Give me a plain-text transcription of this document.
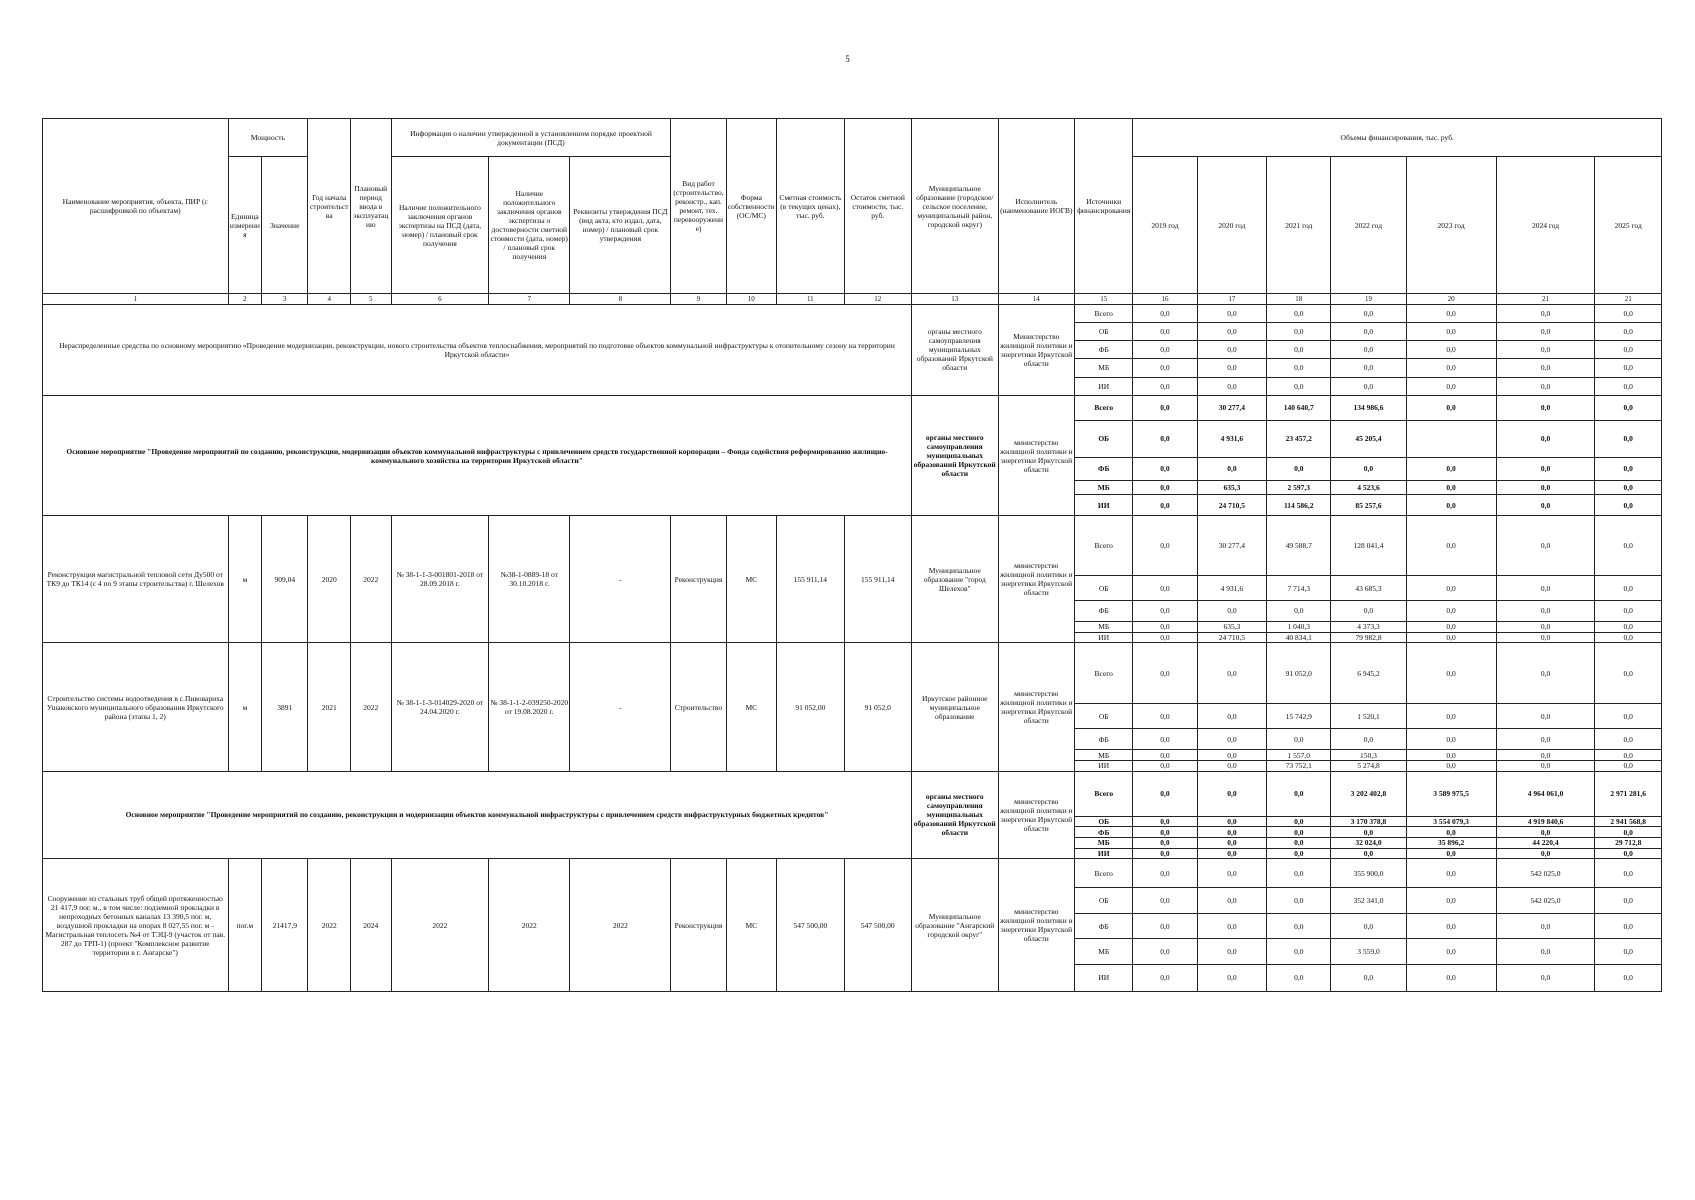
5
Наименование мероприятия, объекта, ПИР (с расшифровкой по объектам)	Мощность		Год начала строительства	Плановый период ввода в эксплуатацию	Информация о наличии утвержденной в установленном порядке проектной документации (ПСД)			Вид работ (строительство, реконстр., кап. ремонт, тех. перевооружение)	Форма собственности (ОС/МС)	Сметная стоимость (в текущих ценах), тыс. руб.	Остаток сметной стоимости, тыс. руб.	Муниципальное образование (городское/сельское поселение, муниципальный район, городской округ)	Исполнитель (наименование ИОГВ)	Источники финансирования	Объемы финансирования, тыс. руб.						
	Единица измерения	Значение			Наличие положительного заключения органов экспертизы на ПСД (дата, номер) / плановый срок получения	Наличие положительного заключения органов экспертизы о достоверности сметной стоимости (дата, номер) / плановый срок получения	Реквизиты утверждения ПСД (вид акта, кто издал, дата, номер) / плановый срок утверждения								2019 год	2020 год	2021 год	2022 год	2023 год	2024 год	2025 год
1	2	3	4	5	6	7	8	9	10	11	12	13	14	15	16	17	18	19	20	21	21
Нераспределенные средства по основному мероприятию «Проведение модернизации, реконструкции, нового строительства объектов теплоснабжения, мероприятий по подготовке объектов коммунальной инфраструктуры к отопительному сезону на территории Иркутской области»												органы местного самоуправления муниципальных образований Иркутской области	Министерство жилищной политики и энергетики Иркутской области	Всего	0,0	0,0	0,0	0,0	0,0	0,0	0,0
														ОБ	0,0	0,0	0,0	0,0	0,0	0,0	0,0
														ФБ	0,0	0,0	0,0	0,0	0,0	0,0	0,0
														МБ	0,0	0,0	0,0	0,0	0,0	0,0	0,0
														ИИ	0,0	0,0	0,0	0,0	0,0	0,0	0,0
Основное мероприятие "Проведение мероприятий по созданию, реконструкции, модернизации объектов коммунальной инфраструктуры с привлечением средств государственной корпорации – Фонда содействия реформированию жилищно-коммунального хозяйства на территории Иркутской области"												органы местного самоуправления муниципальных образований Иркутской области	министерство жилищной политики и энергетики Иркутской области	Всего	0,0	30 277,4	140 640,7	134 986,6	0,0	0,0	0,0
														ОБ	0,0	4 931,6	23 457,2	45 205,4		0,0	0,0
														ФБ	0,0	0,0	0,0	0,0	0,0	0,0	0,0
														МБ	0,0	635,3	2 597,3	4 523,6	0,0	0,0	0,0
														ИИ	0,0	24 710,5	114 586,2	85 257,6	0,0	0,0	0,0
Реконструкция магистральной тепловой сети Ду500 от ТК9 до ТК14 (с 4 по 9 этапы строительства) г. Шелехов	м	909,04	2020	2022	№ 38-1-1-3-001801-2018 от 28.09.2018 г.	№38-1-0889-18 от 30.10.2018 г.	-	Реконструкция	МС	155 911,14	155 911,14	Муниципальное образование "город Шелехов"	министерство жилищной политики и энергетики Иркутской области	Всего	0,0	30 277,4	49 588,7	128 041,4	0,0	0,0	0,0
														ОБ	0,0	4 931,6	7 714,3	43 685,3	0,0	0,0	0,0
														ФБ	0,0	0,0	0,0	0,0	0,0	0,0	0,0
														МБ	0,0	635,3	1 040,3	4 373,3	0,0	0,0	0,0
														ИИ	0,0	24 710,5	40 834,1	79 982,8	0,0	0,0	0,0
Строительство системы водоотведения в с.Пивовариха Ушаковского муниципального образования Иркутского района (этапы 1, 2)	м	3891	2021	2022	№ 38-1-1-3-014029-2020 от 24.04.2020 г.	№ 38-1-1-2-039250-2020 от 19.08.2020 г.	-	Строительство	МС	91 052,00	91 052,0	Иркутское районное муниципальное образование	министерство жилищной политики и энергетики Иркутской области	Всего	0,0	0,0	91 052,0	6 945,2	0,0	0,0	0,0
														ОБ	0,0	0,0	15 742,9	1 520,1	0,0	0,0	0,0
														ФБ	0,0	0,0	0,0	0,0	0,0	0,0	0,0
														МБ	0,0	0,0	1 557,0	150,3	0,0	0,0	0,0
														ИИ	0,0	0,0	73 752,1	5 274,8	0,0	0,0	0,0
Основное мероприятие "Проведение мероприятий по созданию, реконструкции и модернизации объектов коммунальной инфраструктуры с привлечением средств инфраструктурных бюджетных кредитов"												органы местного самоуправления муниципальных образований Иркутской области	министерство жилищной политики и энергетики Иркутской области	Всего	0,0	0,0	0,0	3 202 402,8	3 589 975,5	4 964 061,0	2 971 281,6
														ОБ	0,0	0,0	0,0	3 170 378,8	3 554 079,3	4 919 840,6	2 941 568,8
														ФБ	0,0	0,0	0,0	0,0	0,0	0,0	0,0
														МБ	0,0	0,0	0,0	32 024,0	35 896,2	44 220,4	29 712,8
														ИИ	0,0	0,0	0,0	0,0	0,0	0,0	0,0
Сооружение из стальных труб общей протяженностью 21 417,9 пог. м., в том числе: подземной прокладки в непроходных бетонных каналах 13 390,5 пог. м, воздушной прокладки на опорах 8 027,55 пог. м - Магистральная теплосеть №4 от ТЭЦ-9 (участок от пав. 287 до ТРП-1) (проект "Комплексное развитие территории в г. Ангарске")	пог.м	21417,9	2022	2024	2022	2022	2022	Реконструкция	МС	547 500,00	547 500,00	Муниципальное образование "Ангарский городской округ"	министерство жилищной политики и энергетики Иркутской области	Всего	0,0	0,0	0,0	355 900,0	0,0	542 025,0	0,0
														ОБ	0,0	0,0	0,0	352 341,0	0,0	542 025,0	0,0
														ФБ	0,0	0,0	0,0	0,0	0,0	0,0	0,0
														МБ	0,0	0,0	0,0	3 559,0	0,0	0,0	0,0
														ИИ	0,0	0,0	0,0	0,0	0,0	0,0	0,0
